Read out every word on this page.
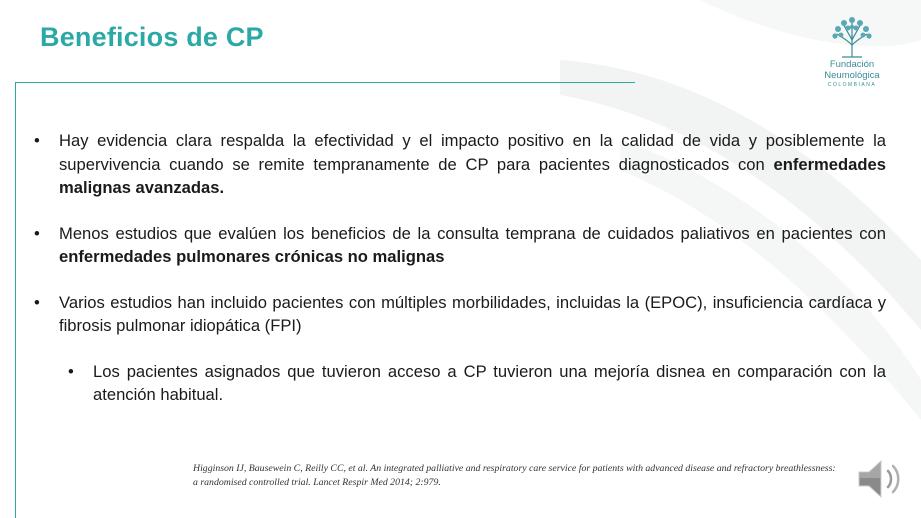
Beneficios de CP
Fundación
Neumológica
COLOMBIANA
• Hay evidencia clara respalda la efectividad y el impacto positivo en la calidad de vida y posiblemente la supervivencia cuando se remite tempranamente de CP para pacientes diagnosticados con enfermedades malignas avanzadas.
• Menos estudios que evalúen los beneficios de la consulta temprana de cuidados paliativos en pacientes con enfermedades pulmonares crónicas no malignas
• Varios estudios han incluido pacientes con múltiples morbilidades, incluidas la (EPOC), insuficiencia cardíaca y fibrosis pulmonar idiopática (FPI)
• Los pacientes asignados que tuvieron acceso a CP tuvieron una mejoría disnea en comparación con la atención habitual.
Higginson IJ, Bausewein C, Reilly CC, et al. An integrated palliative and respiratory care service for patients with advanced disease and refractory breathlessness: a randomised controlled trial. Lancet Respir Med 2014; 2:979.
